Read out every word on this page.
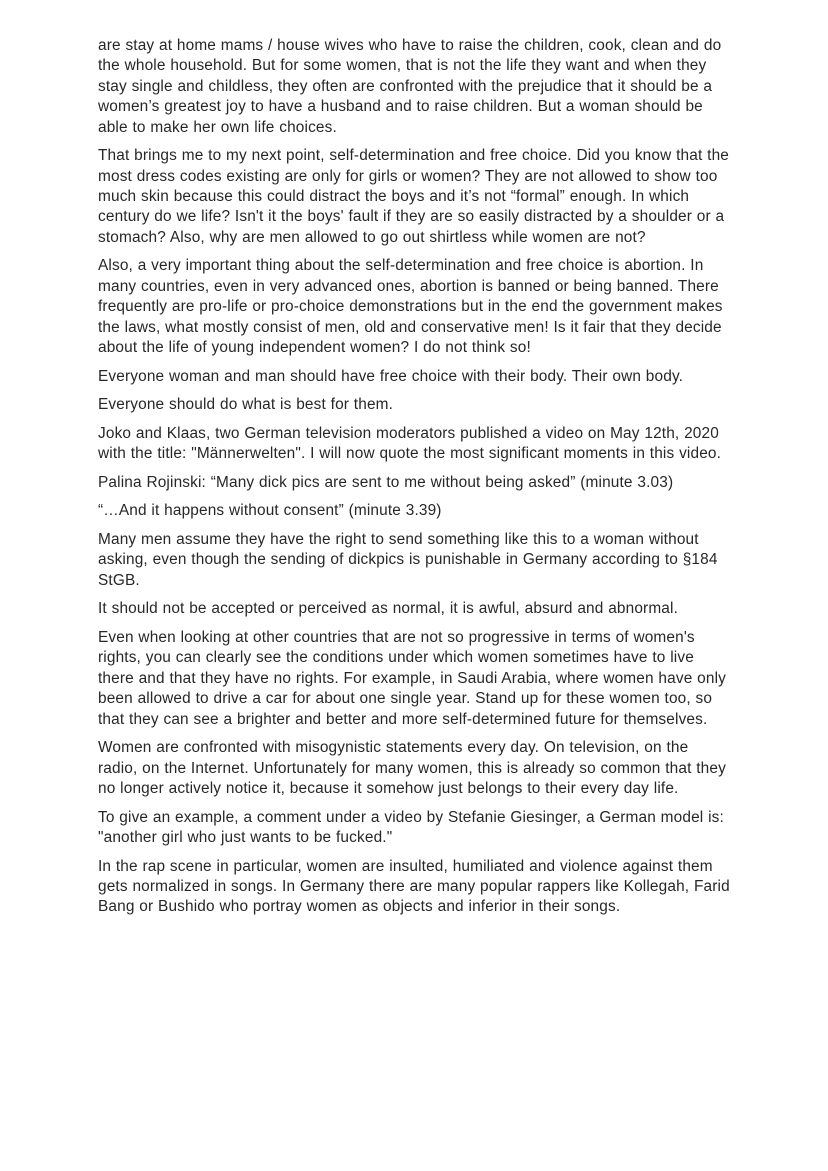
are stay at home mams / house wives who have to raise the children, cook, clean and do the whole household. But for some women, that is not the life they want and when they stay single and childless, they often are confronted with the prejudice that it should be a women’s greatest joy to have a husband and to raise children. But a woman should be able to make her own life choices.

That brings me to my next point, self-determination and free choice. Did you know that the most dress codes existing are only for girls or women? They are not allowed to show too much skin because this could distract the boys and it’s not “formal” enough. In which century do we life? Isn't it the boys' fault if they are so easily distracted by a shoulder or a stomach? Also, why are men allowed to go out shirtless while women are not?

Also, a very important thing about the self-determination and free choice is abortion. In many countries, even in very advanced ones, abortion is banned or being banned. There frequently are pro-life or pro-choice demonstrations but in the end the government makes the laws, what mostly consist of men, old and conservative men! Is it fair that they decide about the life of young independent women? I do not think so!

Everyone woman and man should have free choice with their body. Their own body.

Everyone should do what is best for them.

Joko and Klaas, two German television moderators published a video on May 12th, 2020 with the title: "Männerwelten". I will now quote the most significant moments in this video.

Palina Rojinski: “Many dick pics are sent to me without being asked” (minute 3.03)

“…And it happens without consent” (minute 3.39)

Many men assume they have the right to send something like this to a woman without asking, even though the sending of dickpics is punishable in Germany according to §184 StGB.

It should not be accepted or perceived as normal, it is awful, absurd and abnormal.

Even when looking at other countries that are not so progressive in terms of women's rights, you can clearly see the conditions under which women sometimes have to live there and that they have no rights. For example, in Saudi Arabia, where women have only been allowed to drive a car for about one single year. Stand up for these women too, so that they can see a brighter and better and more self-determined future for themselves.

Women are confronted with misogynistic statements every day. On television, on the radio, on the Internet. Unfortunately for many women, this is already so common that they no longer actively notice it, because it somehow just belongs to their every day life.

To give an example, a comment under a video by Stefanie Giesinger, a German model is: "another girl who just wants to be fucked."

In the rap scene in particular, women are insulted, humiliated and violence against them gets normalized in songs. In Germany there are many popular rappers like Kollegah, Farid Bang or Bushido who portray women as objects and inferior in their songs.
